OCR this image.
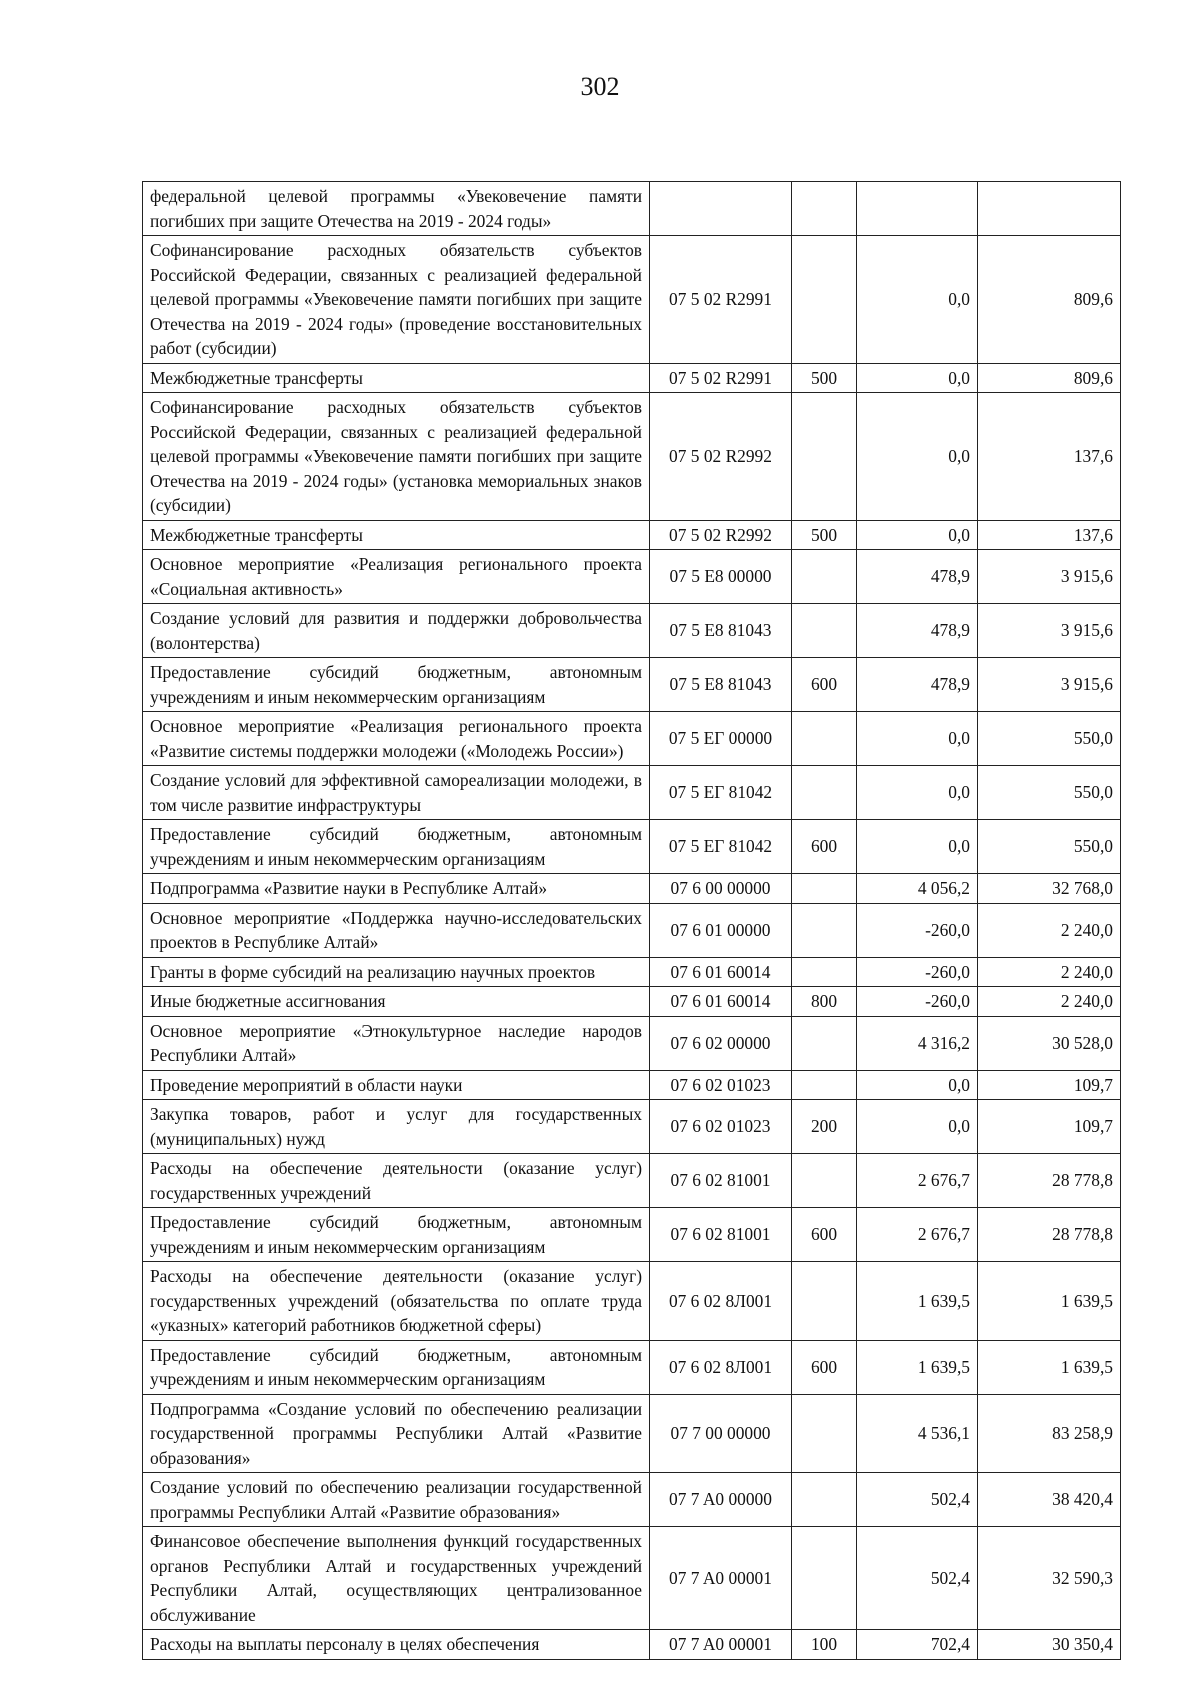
302
федеральной целевой программы «Увековечение памяти погибших при защите Отечества на 2019 - 2024 годы»				
Софинансирование расходных обязательств субъектов Российской Федерации, связанных с реализацией федеральной целевой программы «Увековечение памяти погибших при защите Отечества на 2019 - 2024 годы» (проведение восстановительных работ (субсидии)	07 5 02 R2991		0,0	809,6
Межбюджетные трансферты	07 5 02 R2991	500	0,0	809,6
Софинансирование расходных обязательств субъектов Российской Федерации, связанных с реализацией федеральной целевой программы «Увековечение памяти погибших при защите Отечества на 2019 - 2024 годы» (установка мемориальных знаков (субсидии)	07 5 02 R2992		0,0	137,6
Межбюджетные трансферты	07 5 02 R2992	500	0,0	137,6
Основное мероприятие «Реализация регионального проекта «Социальная активность»	07 5 E8 00000		478,9	3 915,6
Создание условий для развития и поддержки добровольчества (волонтерства)	07 5 E8 81043		478,9	3 915,6
Предоставление субсидий бюджетным, автономным учреждениям и иным некоммерческим организациям	07 5 E8 81043	600	478,9	3 915,6
Основное мероприятие «Реализация регионального проекта «Развитие системы поддержки молодежи («Молодежь России»)	07 5 ЕГ 00000		0,0	550,0
Создание условий для эффективной самореализации молодежи, в том числе развитие инфраструктуры	07 5 ЕГ 81042		0,0	550,0
Предоставление субсидий бюджетным, автономным учреждениям и иным некоммерческим организациям	07 5 ЕГ 81042	600	0,0	550,0
Подпрограмма «Развитие науки в Республике Алтай»	07 6 00 00000		4 056,2	32 768,0
Основное мероприятие «Поддержка научно-исследовательских проектов в Республике Алтай»	07 6 01 00000		-260,0	2 240,0
Гранты в форме субсидий на реализацию научных проектов	07 6 01 60014		-260,0	2 240,0
Иные бюджетные ассигнования	07 6 01 60014	800	-260,0	2 240,0
Основное мероприятие «Этнокультурное наследие народов Республики Алтай»	07 6 02 00000		4 316,2	30 528,0
Проведение мероприятий в области науки	07 6 02 01023		0,0	109,7
Закупка товаров, работ и услуг для государственных (муниципальных) нужд	07 6 02 01023	200	0,0	109,7
Расходы на обеспечение деятельности (оказание услуг) государственных учреждений	07 6 02 81001		2 676,7	28 778,8
Предоставление субсидий бюджетным, автономным учреждениям и иным некоммерческим организациям	07 6 02 81001	600	2 676,7	28 778,8
Расходы на обеспечение деятельности (оказание услуг) государственных учреждений (обязательства по оплате труда «указных» категорий работников бюджетной сферы)	07 6 02 8Л001		1 639,5	1 639,5
Предоставление субсидий бюджетным, автономным учреждениям и иным некоммерческим организациям	07 6 02 8Л001	600	1 639,5	1 639,5
Подпрограмма «Создание условий по обеспечению реализации государственной программы Республики Алтай «Развитие образования»	07 7 00 00000		4 536,1	83 258,9
Создание условий по обеспечению реализации государственной программы Республики Алтай «Развитие образования»	07 7 A0 00000		502,4	38 420,4
Финансовое обеспечение выполнения функций государственных органов Республики Алтай и государственных учреждений Республики Алтай, осуществляющих централизованное обслуживание	07 7 A0 00001		502,4	32 590,3
Расходы на выплаты персоналу в целях обеспечения	07 7 A0 00001	100	702,4	30 350,4
